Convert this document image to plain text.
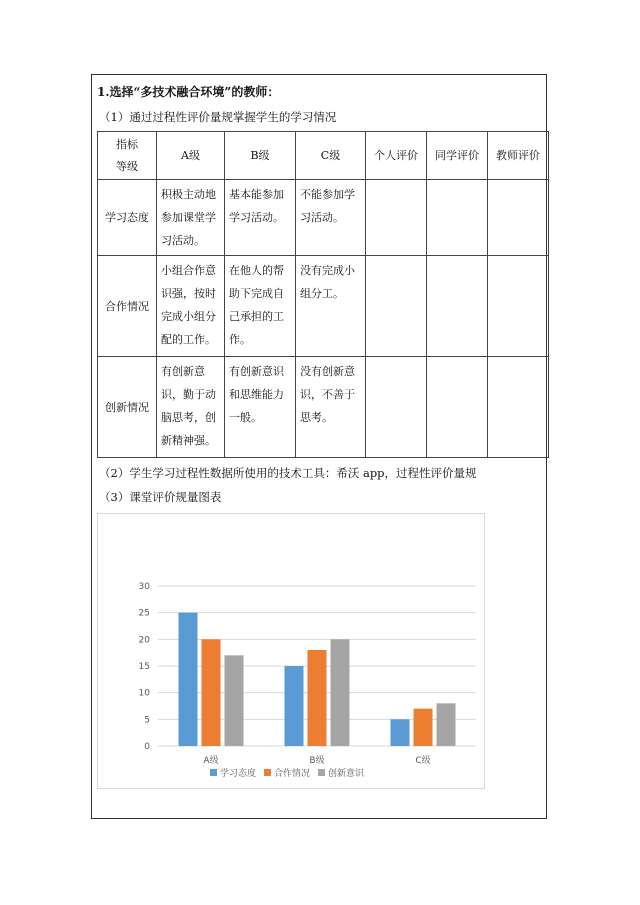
1.选择“多技术融合环境”的教师：
（1）通过过程性评价量规掌握学生的学习情况
指标
等级	A级	B级	C级	个人评价	同学评价	教师评价
学习态度	积极主动地
参加课堂学
习活动。	基本能参加
学习活动。	不能参加学
习活动。			

合作情况	小组合作意
识强，按时
完成小组分
配的工作。	在他人的帮
助下完成自
己承担的工
作。	没有完成小
组分工。			

创新情况	有创新意
识，勤于动
脑思考，创
新精神强。	有创新意识
和思维能力
一般。	没有创新意
识，不善于
思考。			

（2）学生学习过程性数据所使用的技术工具：希沃 app，过程性评价量规
（3）课堂评价规量图表
0
5
10
15
20
25
30
A级	B级	C级
学习态度 合作情况 创新意识
